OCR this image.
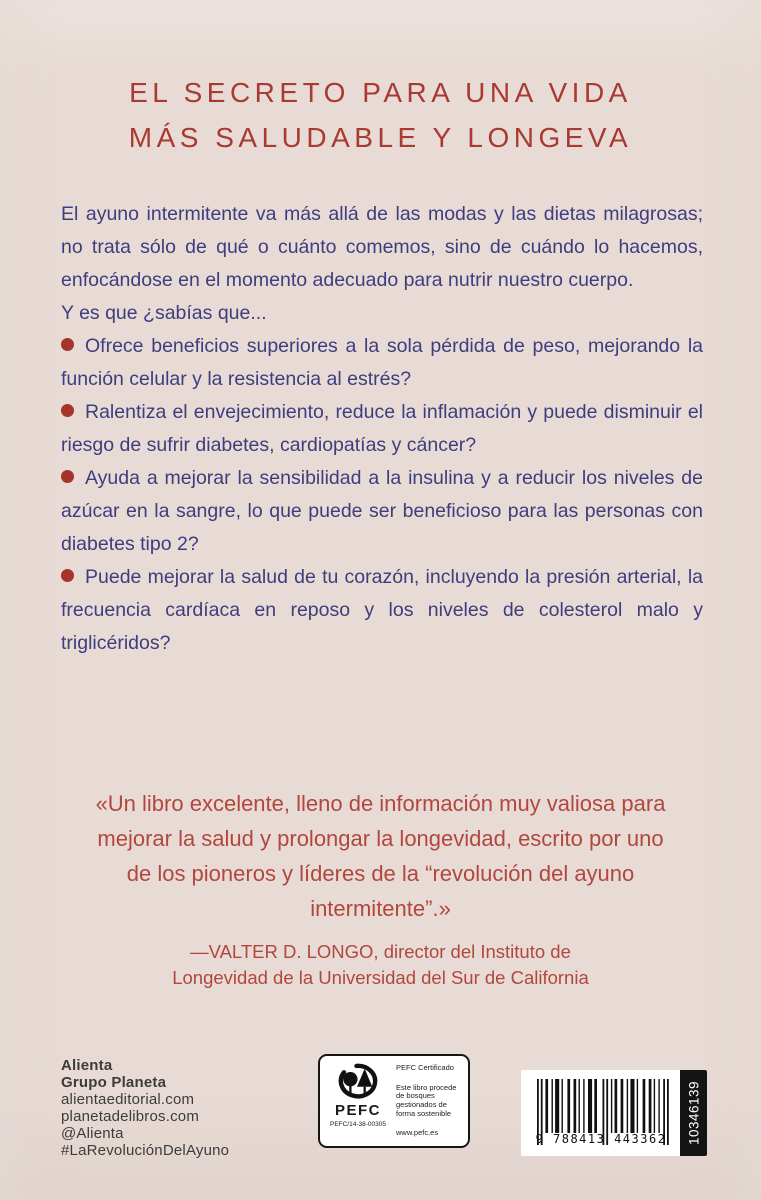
EL SECRETO PARA UNA VIDA
MÁS SALUDABLE Y LONGEVA

El ayuno intermitente va más allá de las modas y las dietas milagrosas; no trata sólo de qué o cuánto comemos, sino de cuándo lo hacemos, enfocándose en el momento adecuado para nutrir nuestro cuerpo.

Y es que ¿sabías que...

Ofrece beneficios superiores a la sola pérdida de peso, mejorando la función celular y la resistencia al estrés?

Ralentiza el envejecimiento, reduce la inflamación y puede disminuir el riesgo de sufrir diabetes, cardiopatías y cáncer?

Ayuda a mejorar la sensibilidad a la insulina y a reducir los niveles de azúcar en la sangre, lo que puede ser beneficioso para las personas con diabetes tipo 2?

Puede mejorar la salud de tu corazón, incluyendo la presión arterial, la frecuencia cardíaca en reposo y los niveles de colesterol malo y triglicéridos?

«Un libro excelente, lleno de información muy valiosa para mejorar la salud y prolongar la longevidad, escrito por uno de los pioneros y líderes de la “revolución del ayuno intermitente”.»

—VALTER D. LONGO, director del Instituto de
Longevidad de la Universidad del Sur de California
Alienta
Grupo Planeta
alientaeditorial.com
planetadelibros.com
@Alienta
#LaRevoluciónDelAyuno
PEFC
PEFC/14-38-00305
PEFC Certificado
Este libro procede de bosques gestionados de forma sostenible
www.pefc.es	9 788413 443362	10346139
